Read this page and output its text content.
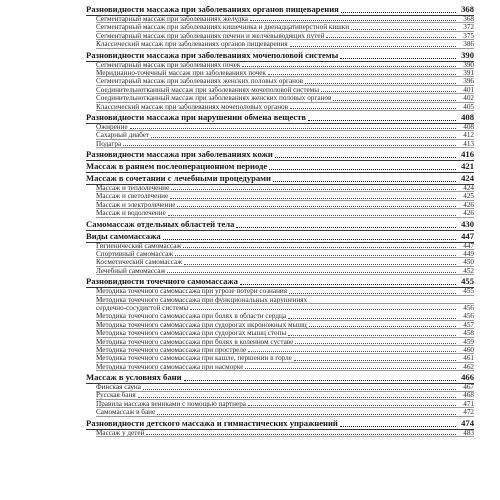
Разновидности массажа при заболеваниях органов пищеварения	368
Сегментарный массаж при заболеваниях желудка	368
Сегментарный массаж при заболеваниях кишечника и двенадцатиперстной кишки	372
Сегментарный массаж при заболеваниях печени и желчевыводящих путей	375
Классический массаж при заболеваниях органов пищеварения	386
Разновидности массажа при заболеваниях мочеполовой системы	390
Сегментарный массаж при заболеваниях почек	390
Меридианно-точечный массаж при заболеваниях почек	391
Сегментарный массаж при заболеваниях женских половых органов	396
Соединительнотканный массаж при заболеваниях мочеполовой системы	401
Соединительнотканный массаж при заболеваниях женских половых органов	402
Классический массаж при заболеваниях мочеполовых органов	405
Разновидности массажа при нарушении обмена веществ	408
Ожирение	408
Сахарный диабет	412
Подагра	413
Разновидности массажа при заболеваниях кожи	416
Массаж в раннем послеоперационном периоде	421
Массаж в сочетании с лечебными процедурами	424
Массаж и теплолечение	424
Массаж и светолечение	425
Массаж и электролечение	426
Массаж и водолечение	426
Самомассаж отдельных областей тела	430
Виды самомассажа	447
Гигиенический самомассаж	447
Спортивный самомассаж	449
Косметический самомассаж	450
Лечебный самомассаж	452
Разновидности точечного самомассажа	455
Методика точечного самомассажа при угрозе потери сознания	455
Методика точечного самомассажа при функциональных нарушениях
сердечно-сосудистой системы	456
Методика точечного самомассажа при болях в области сердца	456
Методика точечного самомассажа при судорогах икроножных мышц	457
Методика точечного самомассажа при судорогах мышц стопы	458
Методика точечного самомассажа при болях в коленном суставе	459
Методика точечного самомассажа при простреле	460
Методика точечного самомассажа при кашле, першении в горле	461
Методика точечного самомассажа при насморке	462
Массаж в условиях бани	466
Финская сауна	467
Русская баня	468
Правила массажа вениками с помощью партнера	471
Самомассаж в бане	472
Разновидности детского массажа и гимнастических упражнений	474
Массаж у детей	483
